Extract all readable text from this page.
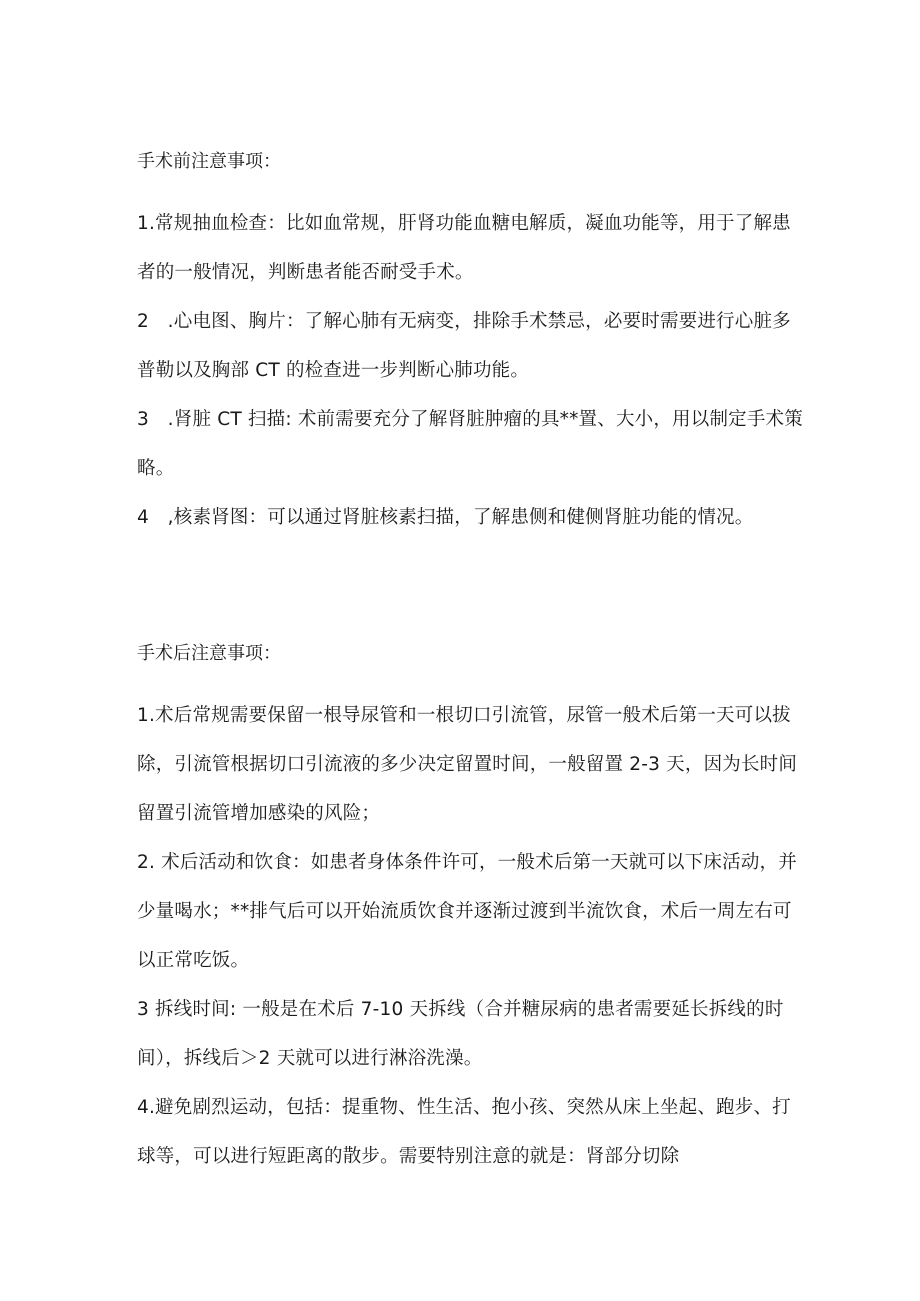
手术前注意事项：

1.常规抽血检查：比如血常规，肝肾功能血糖电解质，凝血功能等，用于了解患者的一般情况，判断患者能否耐受手术。

2　.心电图、胸片：了解心肺有无病变，排除手术禁忌，必要时需要进行心脏多普勒以及胸部 CT 的检查进一步判断心肺功能。

3　.肾脏 CT 扫描: 术前需要充分了解肾脏肿瘤的具**置、大小，用以制定手术策略。

4　,核素肾图：可以通过肾脏核素扫描，了解患侧和健侧肾脏功能的情况。

手术后注意事项：

1.术后常规需要保留一根导尿管和一根切口引流管，尿管一般术后第一天可以拔除，引流管根据切口引流液的多少决定留置时间，一般留置 2-3 天，因为长时间留置引流管增加感染的风险；

2. 术后活动和饮食：如患者身体条件许可，一般术后第一天就可以下床活动，并少量喝水；**排气后可以开始流质饮食并逐渐过渡到半流饮食，术后一周左右可以正常吃饭。

3 拆线时间: 一般是在术后 7-10 天拆线（合并糖尿病的患者需要延长拆线的时间），拆线后＞2 天就可以进行淋浴洗澡。

4.避免剧烈运动，包括：提重物、性生活、抱小孩、突然从床上坐起、跑步、打球等，可以进行短距离的散步。需要特别注意的就是：肾部分切除
